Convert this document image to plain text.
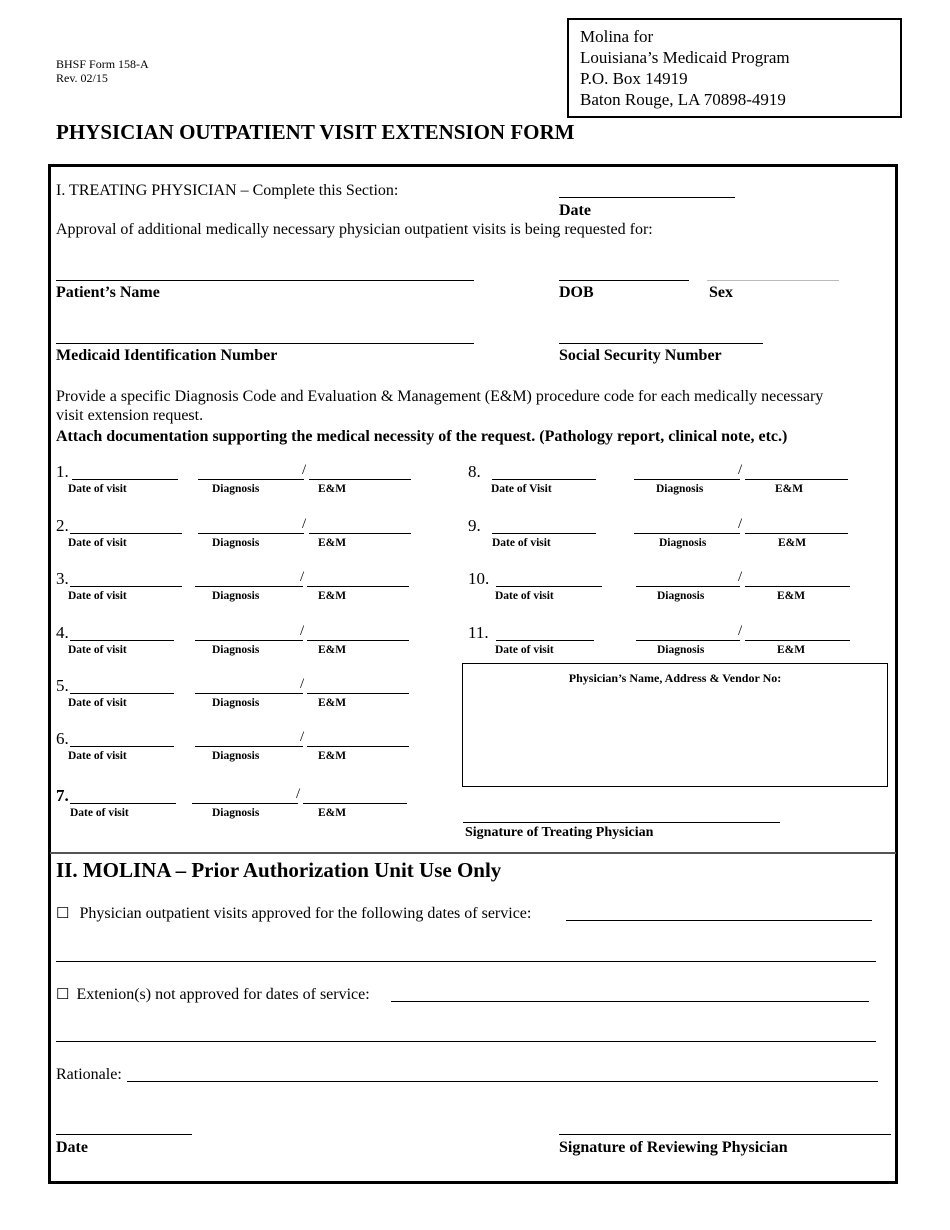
BHSF Form 158-A
Rev. 02/15
Molina for
Louisiana’s Medicaid Program
P.O. Box 14919
Baton Rouge, LA 70898-4919
PHYSICIAN OUTPATIENT VISIT EXTENSION FORM
I. TREATING PHYSICIAN – Complete this Section:
Date
Approval of additional medically necessary physician outpatient visits is being requested for:
Patient’s Name	DOB	Sex
Medicaid Identification Number	Social Security Number
Provide a specific Diagnosis Code and Evaluation & Management (E&M) procedure code for each medically necessary
visit extension request.
Attach documentation supporting the medical necessity of the request. (Pathology report, clinical note, etc.)
1.	/
Date of visit	Diagnosis	E&M
2.	/
Date of visit	Diagnosis	E&M
3.	/
Date of visit	Diagnosis	E&M
4.	/
Date of visit	Diagnosis	E&M
5.	/
Date of visit	Diagnosis	E&M
6.	/
Date of visit	Diagnosis	E&M
7.	/
Date of visit	Diagnosis	E&M
8.	/
Date of Visit	Diagnosis	E&M
9.	/
Date of visit	Diagnosis	E&M
10.	/
Date of visit	Diagnosis	E&M
11.	/
Date of visit	Diagnosis	E&M
Physician’s Name, Address & Vendor No:
Signature of Treating Physician
II. MOLINA – Prior Authorization Unit Use Only
☐ Physician outpatient visits approved for the following dates of service:
☐ Extenion(s) not approved for dates of service:
Rationale:
Date	Signature of Reviewing Physician
